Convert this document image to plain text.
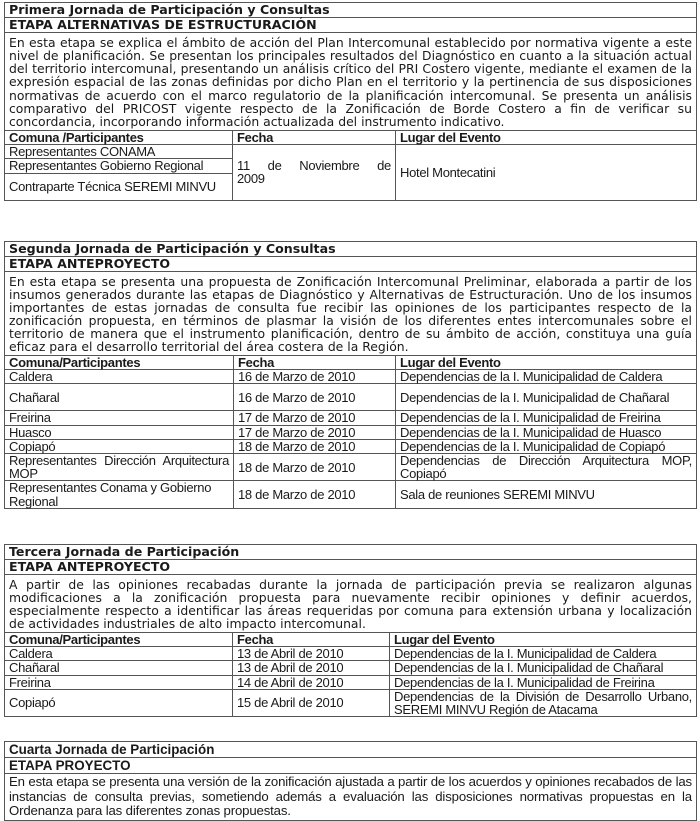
Primera Jornada de Participación y Consultas		
ETAPA ALTERNATIVAS DE ESTRUCTURACIÓN		
En esta etapa se explica el ámbito de acción del Plan Intercomunal establecido por normativa vigente a este nivel de planificación. Se presentan los principales resultados del Diagnóstico en cuanto a la situación actual del territorio intercomunal, presentando un análisis crítico del PRI Costero vigente, mediante el examen de la expresión espacial de las zonas definidas por dicho Plan en el territorio y la pertinencia de sus disposiciones normativas de acuerdo con el marco regulatorio de la planificación intercomunal. Se presenta un análisis comparativo del PRICOST vigente respecto de la Zonificación de Borde Costero a fin de verificar su concordancia, incorporando información actualizada del instrumento indicativo.		
Comuna /Participantes	Fecha	Lugar del Evento
Representantes CONAMA	11 de Noviembre de 2009	Hotel Montecatini
Representantes Gobierno Regional		
Contraparte Técnica SEREMI MINVU		
Segunda Jornada de Participación y Consultas		
ETAPA ANTEPROYECTO		
En esta etapa se presenta una propuesta de Zonificación Intercomunal Preliminar, elaborada a partir de los insumos generados durante las etapas de Diagnóstico y Alternativas de Estructuración. Uno de los insumos importantes de estas jornadas de consulta fue recibir las opiniones de los participantes respecto de la zonificación propuesta, en términos de plasmar la visión de los diferentes entes intercomunales sobre el territorio de manera que el instrumento planificación, dentro de su ámbito de acción, constituya una guía eficaz para el desarrollo territorial del área costera de la Región.		
Comuna/Participantes	Fecha	Lugar del Evento
Caldera	16 de Marzo de 2010	Dependencias de la I. Municipalidad de Caldera
Chañaral	16 de Marzo de 2010	Dependencias de la I. Municipalidad de Chañaral
Freirina	17 de Marzo de 2010	Dependencias de la I. Municipalidad de Freirina
Huasco	17 de Marzo de 2010	Dependencias de la I. Municipalidad de Huasco
Copiapó	18 de Marzo de 2010	Dependencias de la I. Municipalidad de Copiapó
Representantes Dirección Arquitectura MOP	18 de Marzo de 2010	Dependencias de Dirección Arquitectura MOP, Copiapó
Representantes Conama y Gobierno Regional	18 de Marzo de 2010	Sala de reuniones SEREMI MINVU
Tercera Jornada de Participación		
ETAPA ANTEPROYECTO		
A partir de las opiniones recabadas durante la jornada de participación previa se realizaron algunas modificaciones a la zonificación propuesta para nuevamente recibir opiniones y definir acuerdos, especialmente respecto a identificar las áreas requeridas por comuna para extensión urbana y localización de actividades industriales de alto impacto intercomunal.		
Comuna/Participantes	Fecha	Lugar del Evento
Caldera	13 de Abril de 2010	Dependencias de la I. Municipalidad de Caldera
Chañaral	13 de Abril de 2010	Dependencias de la I. Municipalidad de Chañaral
Freirina	14 de Abril de 2010	Dependencias de la I. Municipalidad de Freirina
Copiapó	15 de Abril de 2010	Dependencias de la División de Desarrollo Urbano, SEREMI MINVU Región de Atacama
Cuarta Jornada de Participación
ETAPA PROYECTO
En esta etapa se presenta una versión de la zonificación ajustada a partir de los acuerdos y opiniones recabados de las instancias de consulta previas, sometiendo además a evaluación las disposiciones normativas propuestas en la Ordenanza para las diferentes zonas propuestas.
